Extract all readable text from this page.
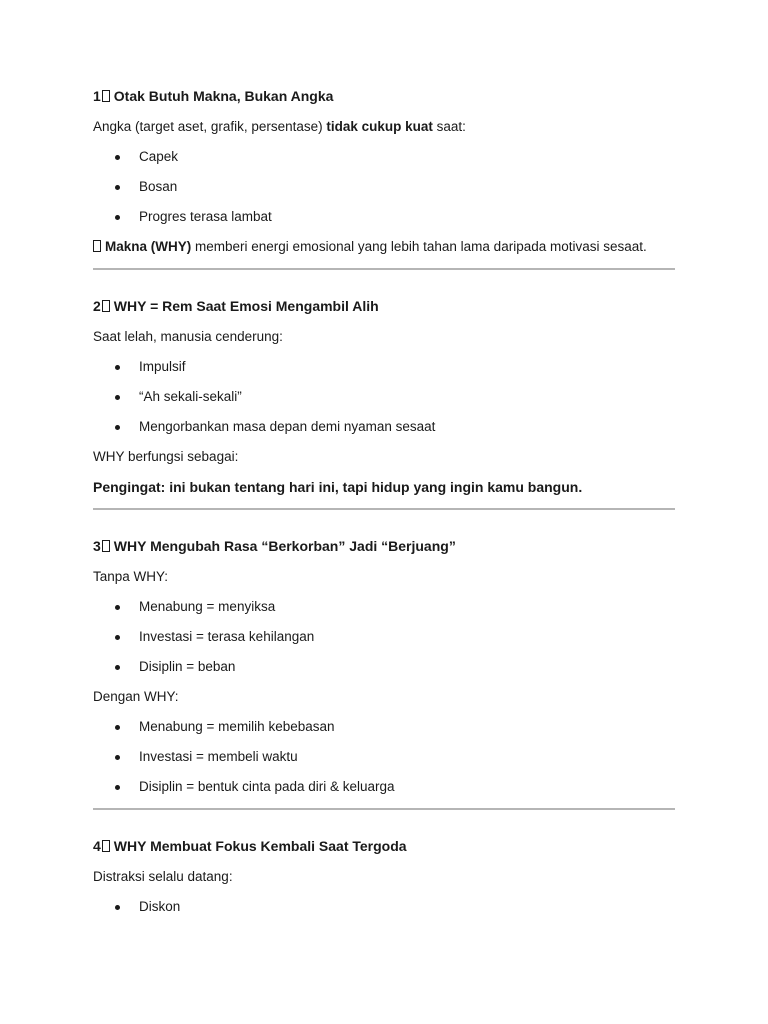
1 Otak Butuh Makna, Bukan Angka
Angka (target aset, grafik, persentase) tidak cukup kuat saat:
Capek
Bosan
Progres terasa lambat
Makna (WHY) memberi energi emosional yang lebih tahan lama daripada motivasi sesaat.
2 WHY = Rem Saat Emosi Mengambil Alih
Saat lelah, manusia cenderung:
Impulsif
“Ah sekali-sekali”
Mengorbankan masa depan demi nyaman sesaat
WHY berfungsi sebagai:
Pengingat: ini bukan tentang hari ini, tapi hidup yang ingin kamu bangun.
3 WHY Mengubah Rasa “Berkorban” Jadi “Berjuang”
Tanpa WHY:
Menabung = menyiksa
Investasi = terasa kehilangan
Disiplin = beban
Dengan WHY:
Menabung = memilih kebebasan
Investasi = membeli waktu
Disiplin = bentuk cinta pada diri & keluarga
4 WHY Membuat Fokus Kembali Saat Tergoda
Distraksi selalu datang:
Diskon
